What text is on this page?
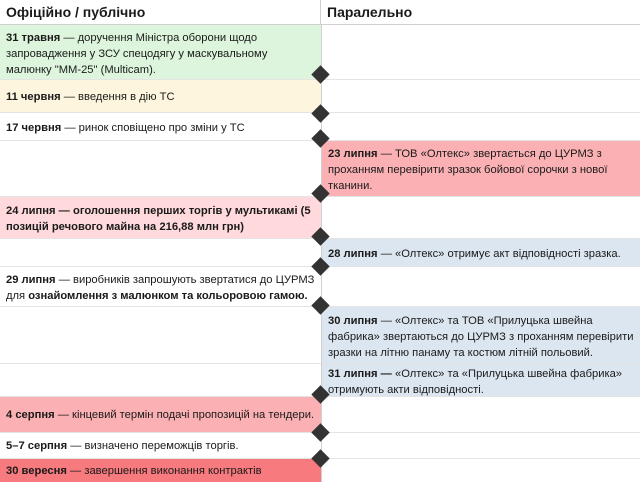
Офіційно / публічно	Паралельно
31 травня — доручення Міністра оборони щодо запровадження у ЗСУ спецодягу у маскувальному малюнку "ММ-25" (Multicam).
11 червня — введення в дію ТС
17 червня — ринок сповіщено про зміни у ТС
23 липня — ТОВ «Олтекс» звертається до ЦУРМЗ з проханням перевірити зразок бойової сорочки з нової тканини.
24 липня — оголошення перших торгів у мультикамі (5 позицій речового майна на 216,88 млн грн)
28 липня — «Олтекс» отримує акт відповідності зразка.
29 липня — виробників запрошують звертатися до ЦУРМЗ для ознайомлення з малюнком та кольоровою гамою.
30 липня — «Олтекс» та ТОВ «Прилуцька швейна фабрика» звертаються до ЦУРМЗ з проханням перевірити зразки на літню панаму та костюм літній польовий.
31 липня — «Олтекс» та «Прилуцька швейна фабрика» отримують акти відповідності.
4 серпня — кінцевий термін подачі пропозицій на тендери.
5–7 серпня — визначено переможців торгів.
30 вересня — завершення виконання контрактів
